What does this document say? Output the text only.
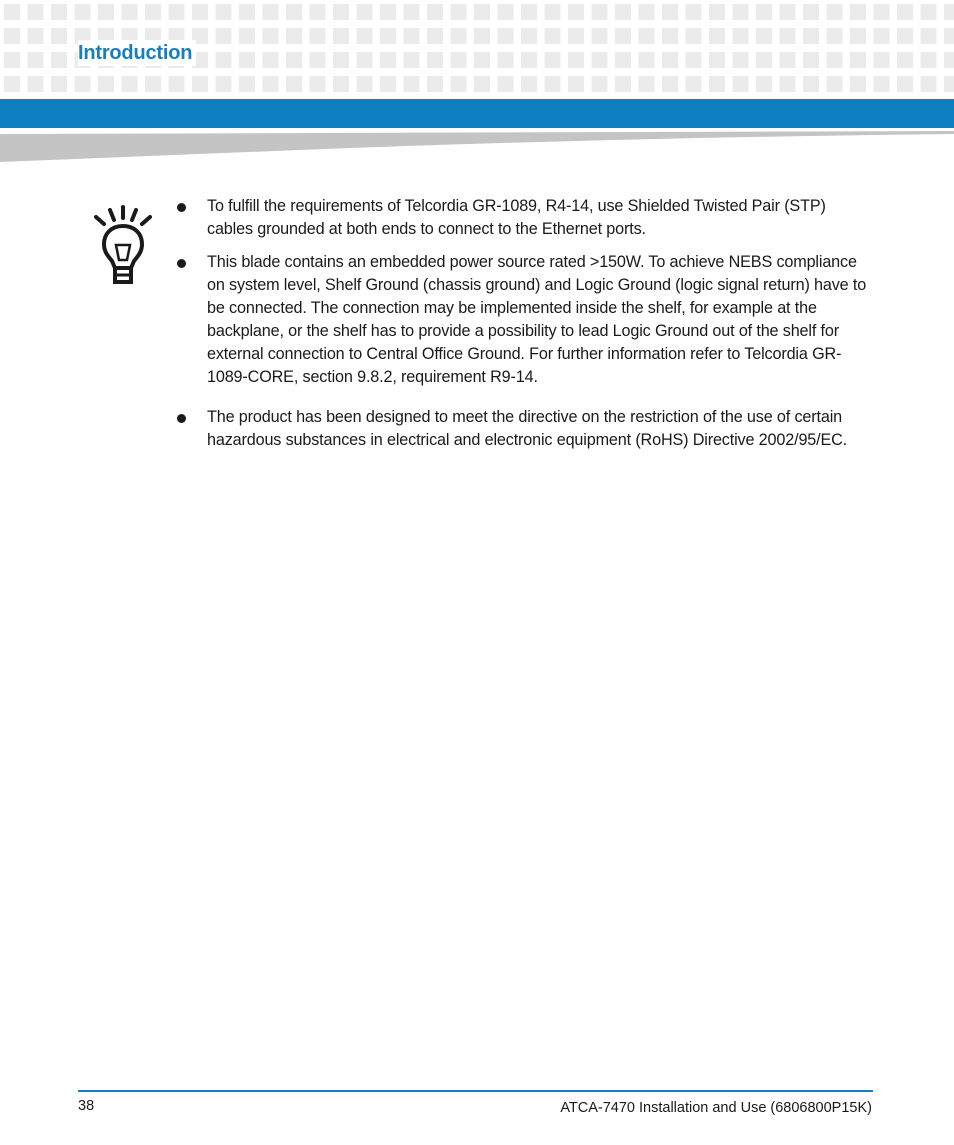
Introduction
To fulfill the requirements of Telcordia GR-1089, R4-14, use Shielded Twisted Pair (STP) cables grounded at both ends to connect to the Ethernet ports.
This blade contains an embedded power source rated >150W. To achieve NEBS compliance on system level, Shelf Ground (chassis ground) and Logic Ground (logic signal return) have to be connected. The connection may be implemented inside the shelf, for example at the backplane, or the shelf has to provide a possibility to lead Logic Ground out of the shelf for external connection to Central Office Ground. For further information refer to Telcordia GR-1089-CORE, section 9.8.2, requirement R9-14.
The product has been designed to meet the directive on the restriction of the use of certain hazardous substances in electrical and electronic equipment (RoHS) Directive 2002/95/EC.
38	ATCA-7470 Installation and Use (6806800P15K)
